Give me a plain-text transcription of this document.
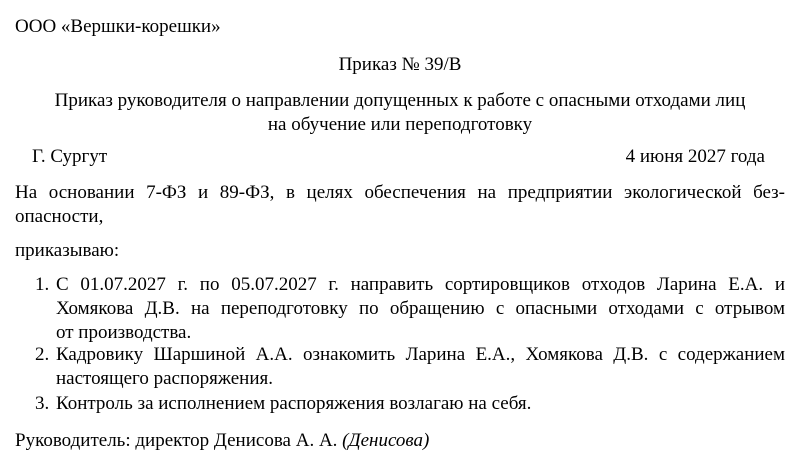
ООО «Вершки-корешки»
Приказ № 39/В
Приказ руководителя о направлении допущенных к работе с опасными отходами лиц
на обучение или переподготовку
Г. Сургут	4 июня 2027 года
На основании 7-ФЗ и 89-ФЗ, в целях обеспечения на предприятии экологической без-
опасности,
приказываю:
1. С 01.07.2027 г. по 05.07.2027 г. направить сортировщиков отходов Ларина Е.А. и
Хомякова Д.В. на переподготовку по обращению с опасными отходами с отрывом
от производства.
2. Кадровику Шаршиной А.А. ознакомить Ларина Е.А., Хомякова Д.В. с содержанием
настоящего распоряжения.
3. Контроль за исполнением распоряжения возлагаю на себя.
Руководитель: директор Денисова А. А. (Денисова)
